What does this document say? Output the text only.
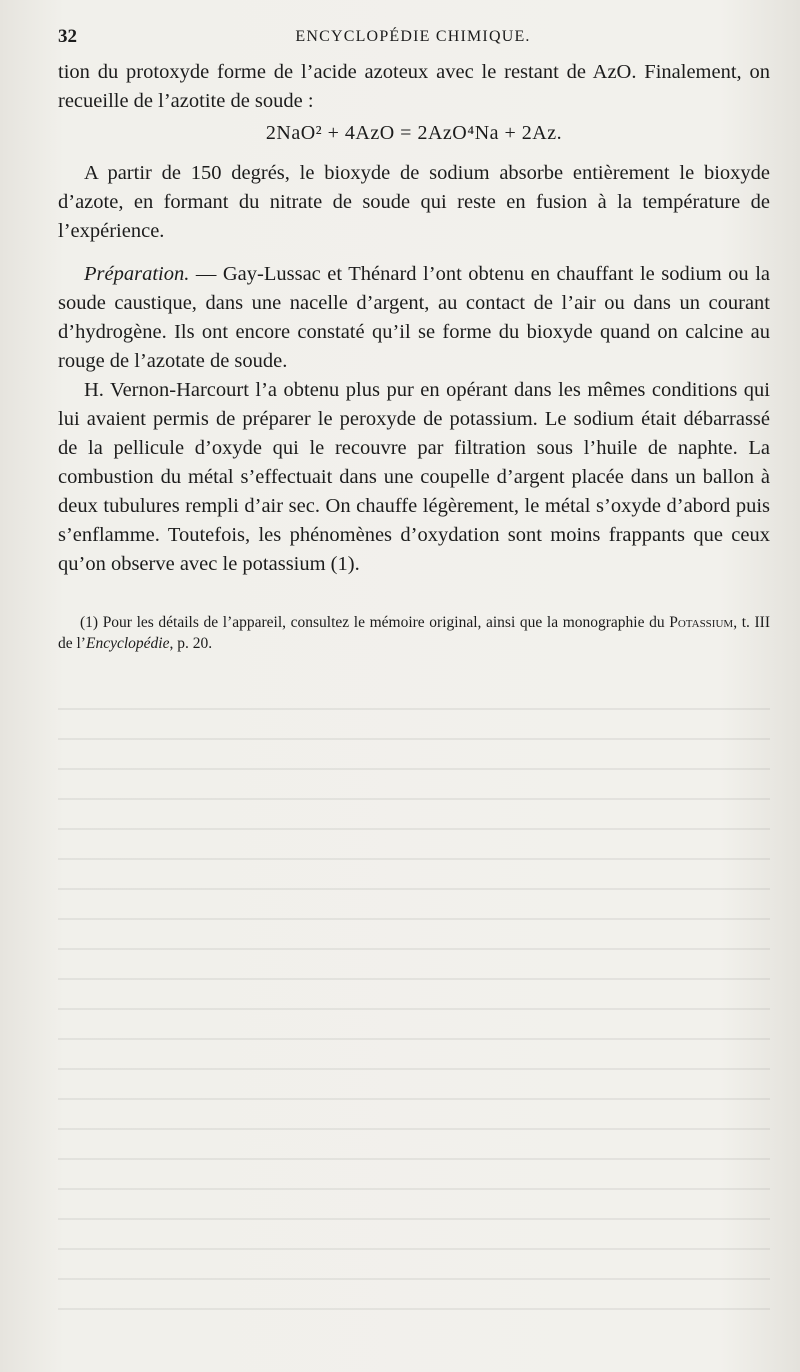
32	ENCYCLOPÉDIE CHIMIQUE.

tion du protoxyde forme de l’acide azoteux avec le restant de AzO. Finalement, on recueille de l’azotite de soude :

2NaO² + 4AzO = 2AzO⁴Na + 2Az.

A partir de 150 degrés, le bioxyde de sodium absorbe entièrement le bioxyde d’azote, en formant du nitrate de soude qui reste en fusion à la température de l’expérience.

Préparation. — Gay-Lussac et Thénard l’ont obtenu en chauffant le sodium ou la soude caustique, dans une nacelle d’argent, au contact de l’air ou dans un courant d’hydrogène. Ils ont encore constaté qu’il se forme du bioxyde quand on calcine au rouge de l’azotate de soude.

H. Vernon-Harcourt l’a obtenu plus pur en opérant dans les mêmes conditions qui lui avaient permis de préparer le peroxyde de potassium. Le sodium était débarrassé de la pellicule d’oxyde qui le recouvre par filtration sous l’huile de naphte. La combustion du métal s’effectuait dans une coupelle d’argent placée dans un ballon à deux tubulures rempli d’air sec. On chauffe légèrement, le métal s’oxyde d’abord puis s’enflamme. Toutefois, les phénomènes d’oxydation sont moins frappants que ceux qu’on observe avec le potassium (1).

(1) Pour les détails de l’appareil, consultez le mémoire original, ainsi que la monographie du Potassium, t. III de l’Encyclopédie, p. 20.
